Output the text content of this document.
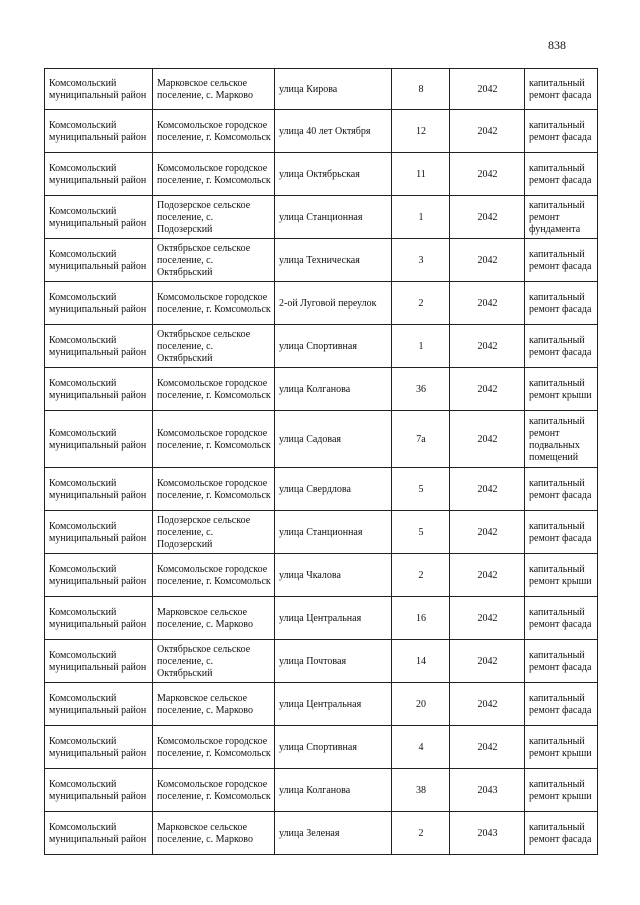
838
Комсомольский муниципальный район	Марковское сельское поселение, с. Марково	улица Кирова	8	2042	капитальный ремонт фасада
Комсомольский муниципальный район	Комсомольское городское поселение, г. Комсомольск	улица 40 лет Октября	12	2042	капитальный ремонт фасада
Комсомольский муниципальный район	Комсомольское городское поселение, г. Комсомольск	улица Октябрьская	11	2042	капитальный ремонт фасада
Комсомольский муниципальный район	Подозерское сельское поселение, с. Подозерский	улица Станционная	1	2042	капитальный ремонт фундамента
Комсомольский муниципальный район	Октябрьское сельское поселение, с. Октябрьский	улица Техническая	3	2042	капитальный ремонт фасада
Комсомольский муниципальный район	Комсомольское городское поселение, г. Комсомольск	2-ой Луговой переулок	2	2042	капитальный ремонт фасада
Комсомольский муниципальный район	Октябрьское сельское поселение, с. Октябрьский	улица Спортивная	1	2042	капитальный ремонт фасада
Комсомольский муниципальный район	Комсомольское городское поселение, г. Комсомольск	улица Колганова	36	2042	капитальный ремонт крыши
Комсомольский муниципальный район	Комсомольское городское поселение, г. Комсомольск	улица Садовая	7а	2042	капитальный ремонт подвальных помещений
Комсомольский муниципальный район	Комсомольское городское поселение, г. Комсомольск	улица Свердлова	5	2042	капитальный ремонт фасада
Комсомольский муниципальный район	Подозерское сельское поселение, с. Подозерский	улица Станционная	5	2042	капитальный ремонт фасада
Комсомольский муниципальный район	Комсомольское городское поселение, г. Комсомольск	улица Чкалова	2	2042	капитальный ремонт крыши
Комсомольский муниципальный район	Марковское сельское поселение, с. Марково	улица Центральная	16	2042	капитальный ремонт фасада
Комсомольский муниципальный район	Октябрьское сельское поселение, с. Октябрьский	улица Почтовая	14	2042	капитальный ремонт фасада
Комсомольский муниципальный район	Марковское сельское поселение, с. Марково	улица Центральная	20	2042	капитальный ремонт фасада
Комсомольский муниципальный район	Комсомольское городское поселение, г. Комсомольск	улица Спортивная	4	2042	капитальный ремонт крыши
Комсомольский муниципальный район	Комсомольское городское поселение, г. Комсомольск	улица Колганова	38	2043	капитальный ремонт крыши
Комсомольский муниципальный район	Марковское сельское поселение, с. Марково	улица Зеленая	2	2043	капитальный ремонт фасада
